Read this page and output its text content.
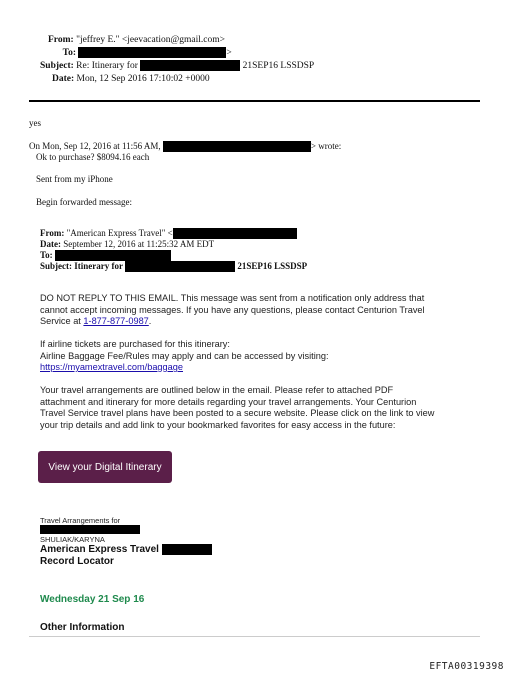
From: "jeffrey E." <jeevacation@gmail.com>
To:	>
Subject: Re: Itinerary for	21SEP16 LSSDSP
Date: Mon, 12 Sep 2016 17:10:02 +0000
yes
On Mon, Sep 12, 2016 at 11:56 AM,	> wrote:
Ok to purchase? $8094.16 each
Sent from my iPhone
Begin forwarded message:
From: "American Express Travel" <
Date: September 12, 2016 at 11:25:32 AM EDT
To:
Subject: Itinerary for	21SEP16 LSSDSP
DO NOT REPLY TO THIS EMAIL. This message was sent from a notification only address that
cannot accept incoming messages. If you have any questions, please contact Centurion Travel
Service at 1-877-877-0987.
If airline tickets are purchased for this itinerary:
Airline Baggage Fee/Rules may apply and can be accessed by visiting:
https://myamextravel.com/baggage
Your travel arrangements are outlined below in the email. Please refer to attached PDF
attachment and itinerary for more details regarding your travel arrangements. Your Centurion
Travel Service travel plans have been posted to a secure website. Please click on the link to view
your trip details and add link to your bookmarked favorites for easy access in the future:
View your Digital Itinerary
Travel Arrangements for
SHULIAK/KARYNA
American Express Travel
Record Locator
Wednesday 21 Sep 16
Other Information
EFTA00319398
